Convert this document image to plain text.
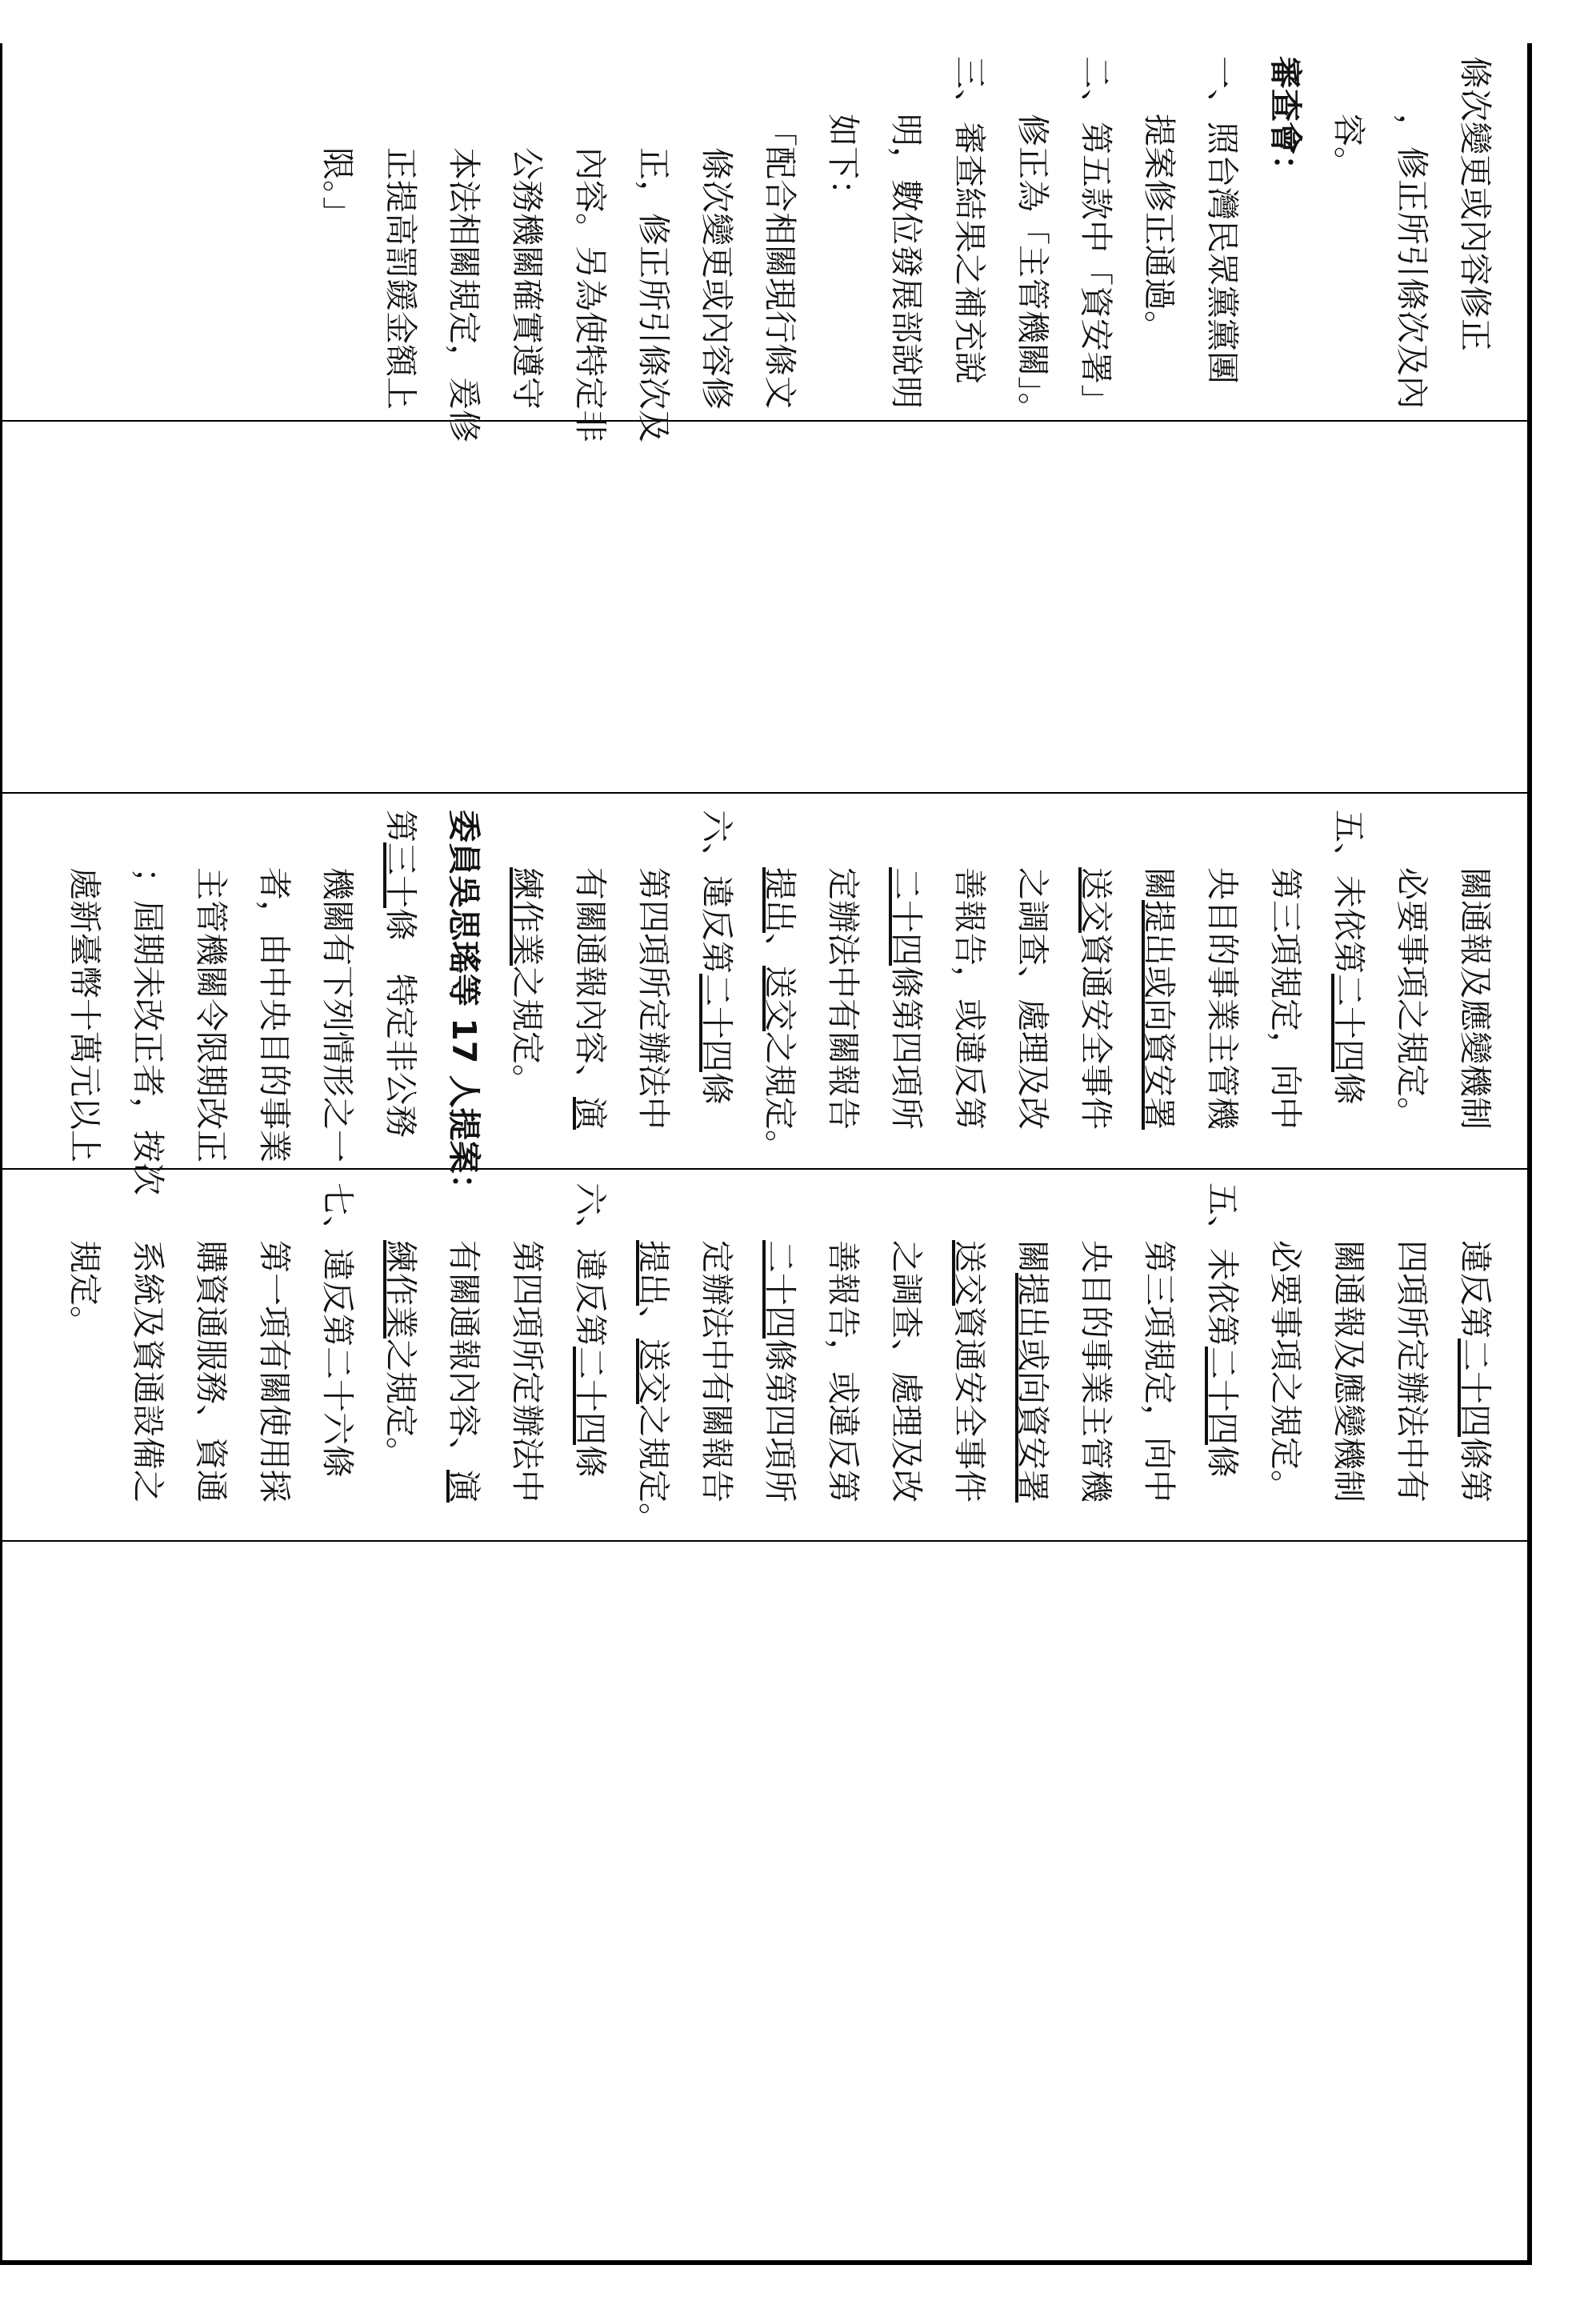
條次變更或內容修正

，修正所引條次及內

容。

審查會：

一、照台灣民眾黨黨團

提案修正通過。

二、第五款中「資安署」

修正為「主管機關」。

三、審查結果之補充說

明，數位發展部說明

如下：

「配合相關現行條文

條次變更或內容修

正，修正所引條次及

內容。另為使特定非

公務機關確實遵守

本法相關規定，爰修

正提高罰鍰金額上

限。」

關通報及應變機制

必要事項之規定。

五、未依第二十四條

第三項規定，向中

央目的事業主管機

關提出或向資安署

送交資通安全事件

之調查、處理及改

善報告，或違反第

二十四條第四項所

定辦法中有關報告

提出、送交之規定。

六、違反第二十四條

第四項所定辦法中

有關通報內容、演

練作業之規定。

委員吳思瑤等 17 人提案：

第三十條　特定非公務

機關有下列情形之一

者，由中央目的事業

主管機關令限期改正

；屆期未改正者，按次

處新臺幣十萬元以上

違反第二十四條第

四項所定辦法中有

關通報及應變機制

必要事項之規定。

五、未依第二十四條

第三項規定，向中

央目的事業主管機

關提出或向資安署

送交資通安全事件

之調查、處理及改

善報告，或違反第

二十四條第四項所

定辦法中有關報告

提出、送交之規定。

六、違反第二十四條

第四項所定辦法中

有關通報內容、演

練作業之規定。

七、違反第二十六條

第一項有關使用採

購資通服務、資通

系統及資通設備之

規定。
